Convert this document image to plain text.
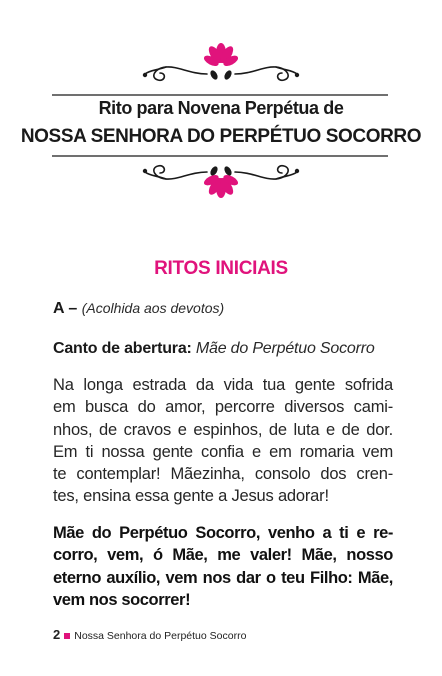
Rito para Novena Perpétua de
NOSSA SENHORA DO PERPÉTUO SOCORRO
RITOS INICIAIS
A – (Acolhida aos devotos)
Canto de abertura: Mãe do Perpétuo Socorro
Na longa estrada da vida tua gente sofrida
em busca do amor, percorre diversos cami-
nhos, de cravos e espinhos, de luta e de dor.
Em ti nossa gente confia e em romaria vem
te contemplar! Mãezinha, consolo dos cren-
tes, ensina essa gente a Jesus adorar!
Mãe do Perpétuo Socorro, venho a ti e re-
corro, vem, ó Mãe, me valer! Mãe, nosso
eterno auxílio, vem nos dar o teu Filho: Mãe,
vem nos socorrer!
2 Nossa Senhora do Perpétuo Socorro
